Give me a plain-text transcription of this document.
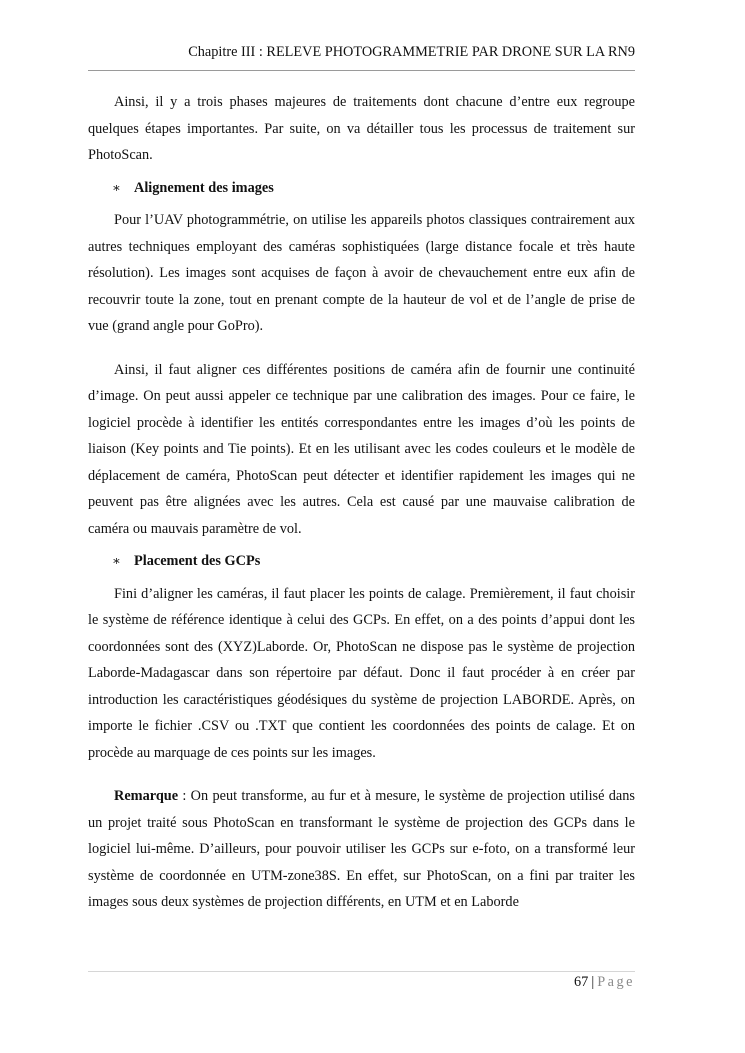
Chapitre III : RELEVE PHOTOGRAMMETRIE PAR DRONE SUR LA RN9

Ainsi, il y a trois phases majeures de traitements dont chacune d’entre eux regroupe quelques étapes importantes. Par suite, on va détailler tous les processus de traitement sur PhotoScan.

∗ Alignement des images

Pour l’UAV photogrammétrie, on utilise les appareils photos classiques contrairement aux autres techniques employant des caméras sophistiquées (large distance focale et très haute résolution). Les images sont acquises de façon à avoir de chevauchement entre eux afin de recouvrir toute la zone, tout en prenant compte de la hauteur de vol et de l’angle de prise de vue (grand angle pour GoPro).

Ainsi, il faut aligner ces différentes positions de caméra afin de fournir une continuité d’image. On peut aussi appeler ce technique par une calibration des images. Pour ce faire, le logiciel procède à identifier les entités correspondantes entre les images d’où les points de liaison (Key points and Tie points). Et en les utilisant avec les codes couleurs et le modèle de déplacement de caméra, PhotoScan peut détecter et identifier rapidement les images qui ne peuvent pas être alignées avec les autres. Cela est causé par une mauvaise calibration de caméra ou mauvais paramètre de vol.

∗ Placement des GCPs

Fini d’aligner les caméras, il faut placer les points de calage. Premièrement, il faut choisir le système de référence identique à celui des GCPs. En effet, on a des points d’appui dont les coordonnées sont des (XYZ)Laborde. Or, PhotoScan ne dispose pas le système de projection Laborde-Madagascar dans son répertoire par défaut. Donc il faut procéder à en créer par introduction les caractéristiques géodésiques du système de projection LABORDE. Après, on importe le fichier .CSV ou .TXT que contient les coordonnées des points de calage. Et on procède au marquage de ces points sur les images.

Remarque : On peut transforme, au fur et à mesure, le système de projection utilisé dans un projet traité sous PhotoScan en transformant le système de projection des GCPs dans le logiciel lui-même. D’ailleurs, pour pouvoir utiliser les GCPs sur e-foto, on a transformé leur système de coordonnée en UTM-zone38S. En effet, sur PhotoScan, on a fini par traiter les images sous deux systèmes de projection différents, en UTM et en Laborde

67 | Page
